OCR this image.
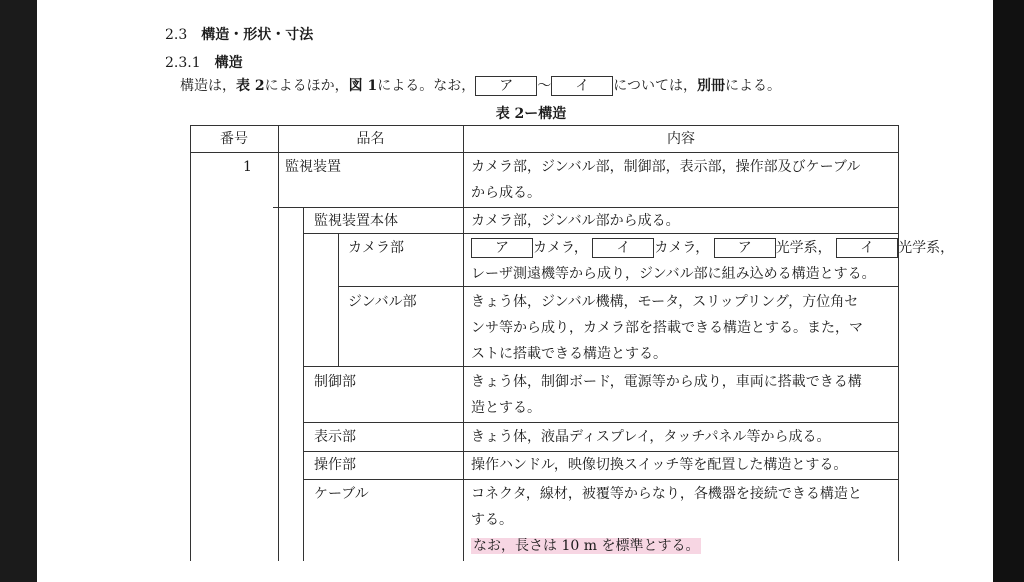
2.3 構造・形状・寸法
2.3.1 構造
構造は，表 2によるほか，図 1による。なお， ア ～ イ については，別冊による。
表 2ー構造
番号	品名	内容
1 監視装置	カメラ部，ジンバル部，制御部，表示部，操作部及びケーブル
から成る。
監視装置本体	カメラ部，ジンバル部から成る。
カメラ部	ア カメラ， イ カメラ， ア 光学系， イ 光学系，
レーザ測遠機等から成り，ジンバル部に組み込める構造とする。
ジンバル部	きょう体，ジンバル機構，モータ，スリップリング，方位角セ
ンサ等から成り，カメラ部を搭載できる構造とする。また，マ
ストに搭載できる構造とする。
制御部	きょう体，制御ボード，電源等から成り，車両に搭載できる構
造とする。
表示部	きょう体，液晶ディスプレイ，タッチパネル等から成る。
操作部	操作ハンドル，映像切換スイッチ等を配置した構造とする。
ケーブル	コネクタ，線材，被覆等からなり，各機器を接続できる構造と
する。
なお，長さは 10 m を標準とする。
